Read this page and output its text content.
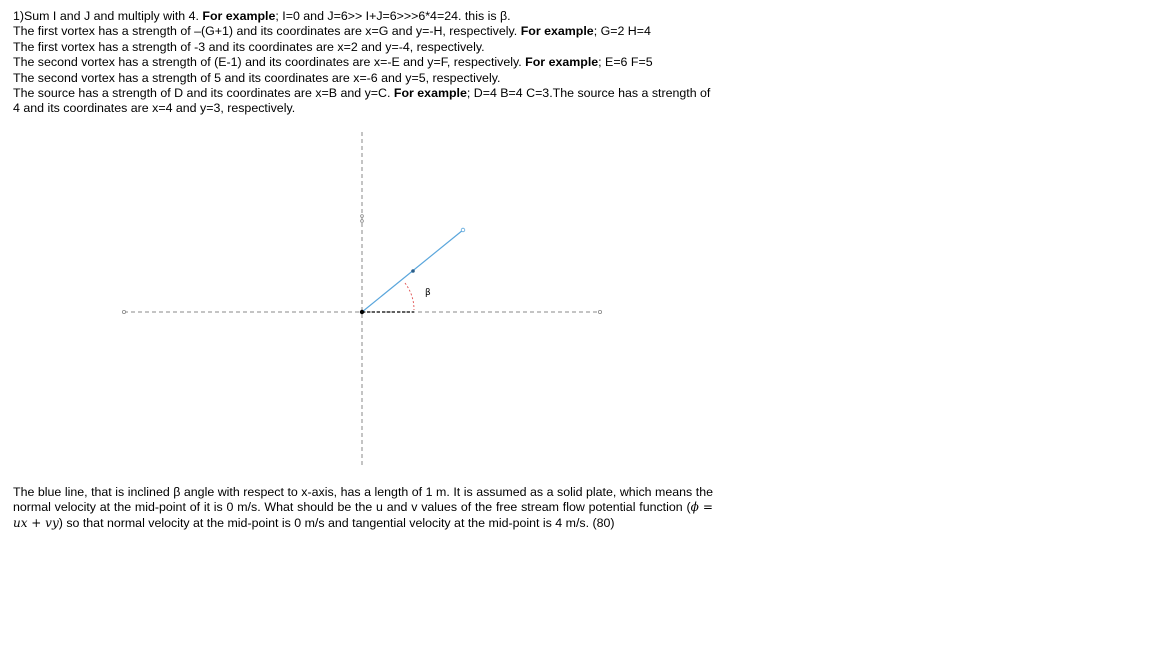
1)Sum I and J and multiply with 4. For example; I=0 and J=6>> I+J=6>>>6*4=24. this is β.
The first vortex has a strength of –(G+1) and its coordinates are x=G and y=-H, respectively. For example; G=2 H=4
The first vortex has a strength of -3 and its coordinates are x=2 and y=-4, respectively.
The second vortex has a strength of (E-1) and its coordinates are x=-E and y=F, respectively. For example; E=6 F=5
The second vortex has a strength of 5 and its coordinates are x=-6 and y=5, respectively.
The source has a strength of D and its coordinates are x=B and y=C. For example; D=4 B=4 C=3.The source has a strength of 4 and its coordinates are x=4 and y=3, respectively.
β
The blue line, that is inclined β angle with respect to x-axis, has a length of 1 m. It is assumed as a solid plate, which means the normal velocity at the mid-point of it is 0 m/s. What should be the u and v values of the free stream flow potential function (ϕ = ux + vy) so that normal velocity at the mid-point is 0 m/s and tangential velocity at the mid-point is 4 m/s. (80)
